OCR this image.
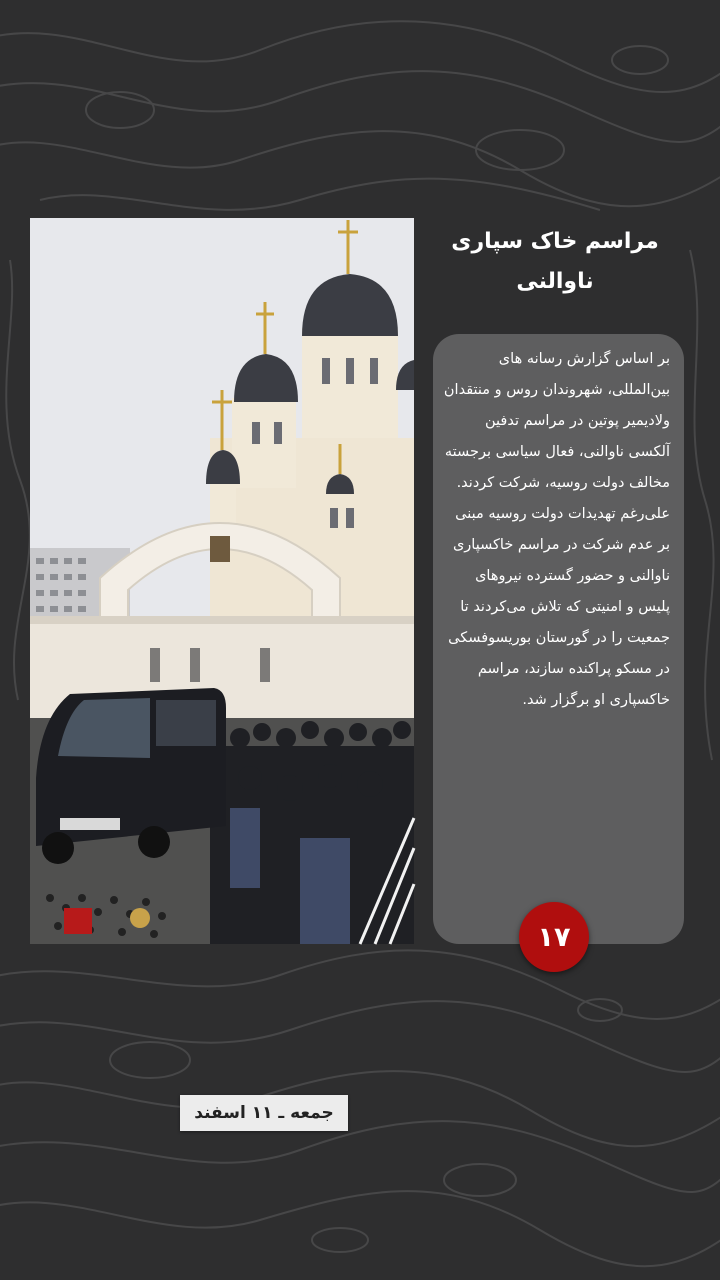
جمعه ـ ۱۱ اسفند
مراسم خاک سپاری
ناوالنی

بر اساس گزارش رسانه های بین‌المللی، شهروندان روس و منتقدان ولادیمیر پوتین در مراسم تدفین آلکسی ناوالنی، فعال سیاسی برجسته مخالف دولت روسیه، شرکت کردند. علی‌رغم تهدیدات دولت روسیه مبنی بر عدم شرکت در مراسم خاکسپاری ناوالنی و حضور گسترده نیروهای پلیس و امنیتی که تلاش می‌کردند تا جمعیت را در گورستان بوریسوفسکی در مسکو پراکنده سازند، مراسم خاکسپاری او برگزار شد.

۱۷
